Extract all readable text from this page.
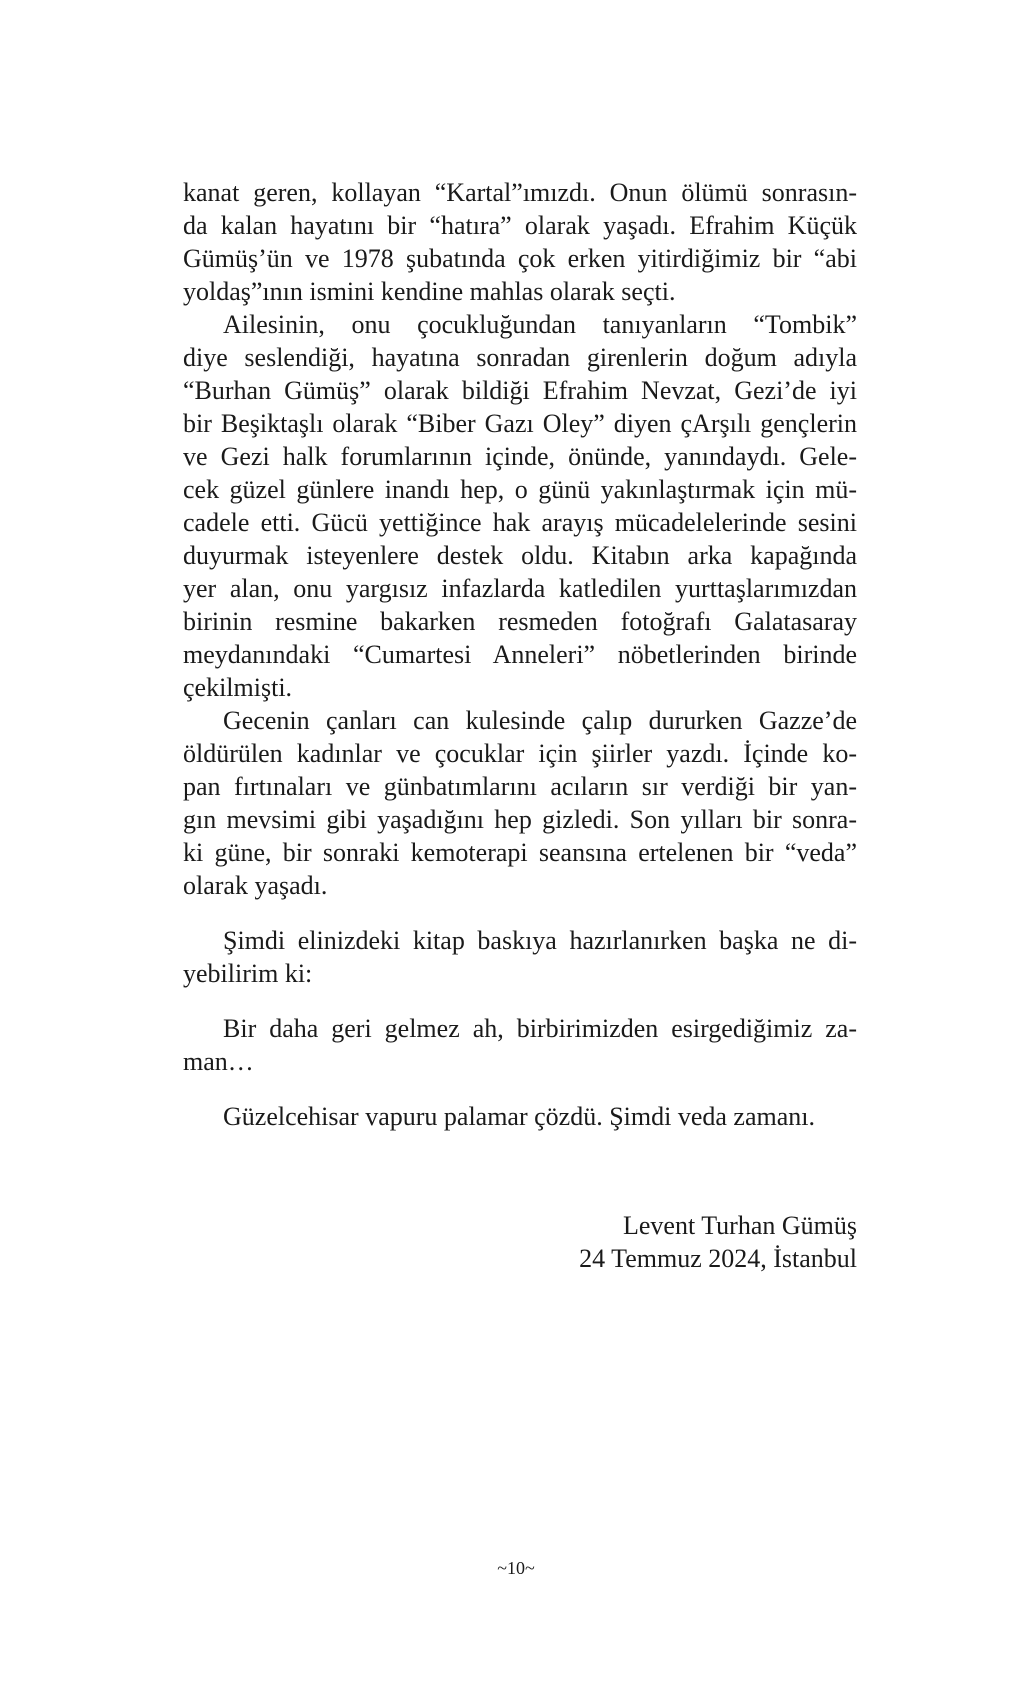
kanat geren, kollayan “Kartal”ımızdı. Onun ölümü sonrasın-
da kalan hayatını bir “hatıra” olarak yaşadı. Efrahim Küçük
Gümüş’ün ve 1978 şubatında çok erken yitirdiğimiz bir “abi
yoldaş”ının ismini kendine mahlas olarak seçti.
Ailesinin, onu çocukluğundan tanıyanların “Tombik”
diye seslendiği, hayatına sonradan girenlerin doğum adıyla
“Burhan Gümüş” olarak bildiği Efrahim Nevzat, Gezi’de iyi
bir Beşiktaşlı olarak “Biber Gazı Oley” diyen çArşılı gençlerin
ve Gezi halk forumlarının içinde, önünde, yanındaydı. Gele-
cek güzel günlere inandı hep, o günü yakınlaştırmak için mü-
cadele etti. Gücü yettiğince hak arayış mücadelelerinde sesini
duyurmak isteyenlere destek oldu. Kitabın arka kapağında
yer alan, onu yargısız infazlarda katledilen yurttaşlarımızdan
birinin resmine bakarken resmeden fotoğrafı Galatasaray
meydanındaki “Cumartesi Anneleri” nöbetlerinden birinde
çekilmişti.
Gecenin çanları can kulesinde çalıp dururken Gazze’de
öldürülen kadınlar ve çocuklar için şiirler yazdı. İçinde ko-
pan fırtınaları ve günbatımlarını acıların sır verdiği bir yan-
gın mevsimi gibi yaşadığını hep gizledi. Son yılları bir sonra-
ki güne, bir sonraki kemoterapi seansına ertelenen bir “veda”
olarak yaşadı.
Şimdi elinizdeki kitap baskıya hazırlanırken başka ne di-
yebilirim ki:
Bir daha geri gelmez ah, birbirimizden esirgediğimiz za-
man…
Güzelcehisar vapuru palamar çözdü. Şimdi veda zamanı.
Levent Turhan Gümüş
24 Temmuz 2024, İstanbul
~10~
